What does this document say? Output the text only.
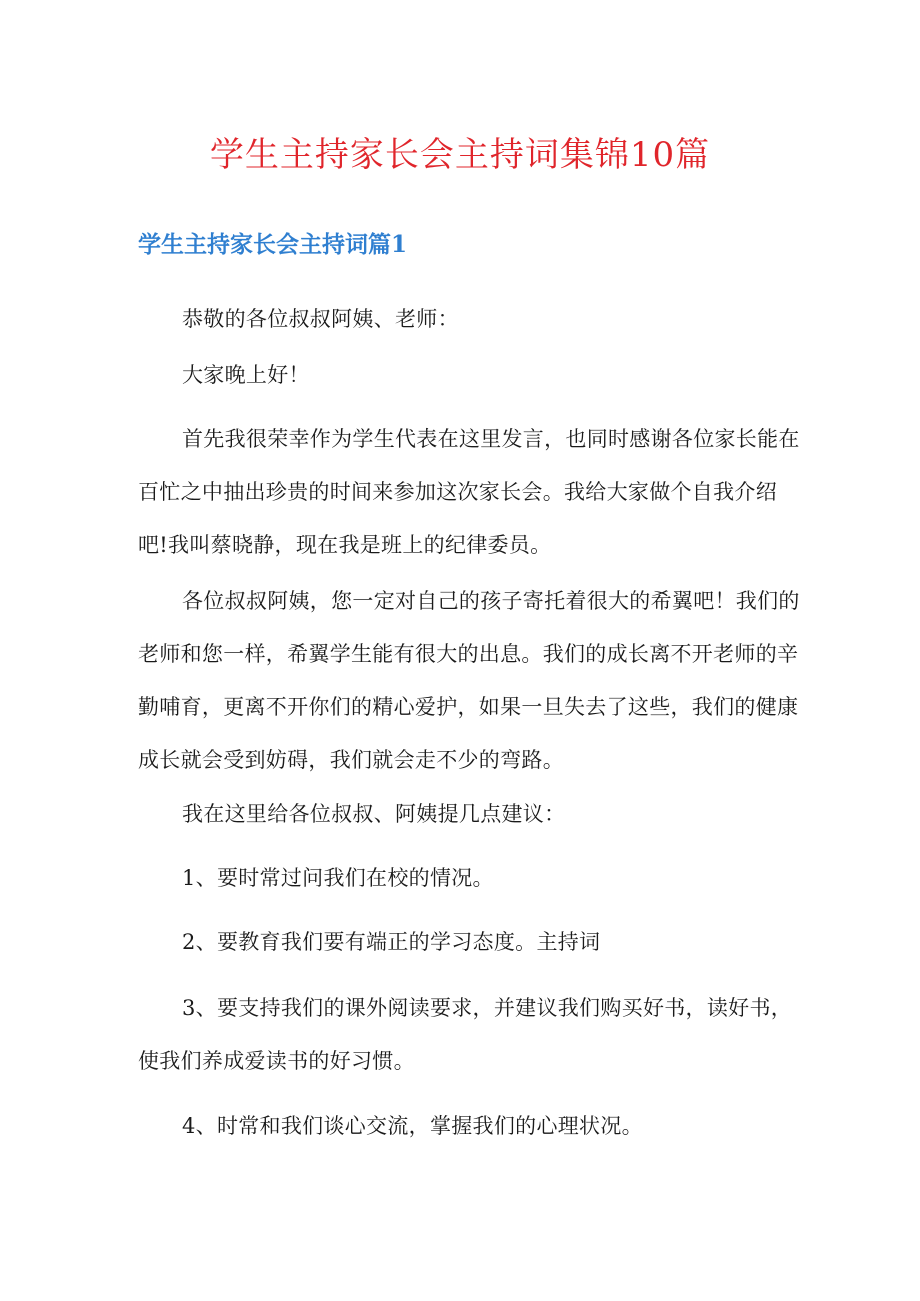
学生主持家长会主持词集锦10篇
学生主持家长会主持词篇1

恭敬的各位叔叔阿姨、老师：

大家晚上好！

首先我很荣幸作为学生代表在这里发言，也同时感谢各位家长能在百忙之中抽出珍贵的时间来参加这次家长会。我给大家做个自我介绍吧!我叫蔡晓静，现在我是班上的纪律委员。

各位叔叔阿姨，您一定对自己的孩子寄托着很大的希翼吧！我们的老师和您一样，希翼学生能有很大的出息。我们的成长离不开老师的辛勤哺育，更离不开你们的精心爱护，如果一旦失去了这些，我们的健康成长就会受到妨碍，我们就会走不少的弯路。

我在这里给各位叔叔、阿姨提几点建议：

1、要时常过问我们在校的情况。

2、要教育我们要有端正的学习态度。主持词

3、要支持我们的课外阅读要求，并建议我们购买好书，读好书，使我们养成爱读书的好习惯。

4、时常和我们谈心交流，掌握我们的心理状况。
